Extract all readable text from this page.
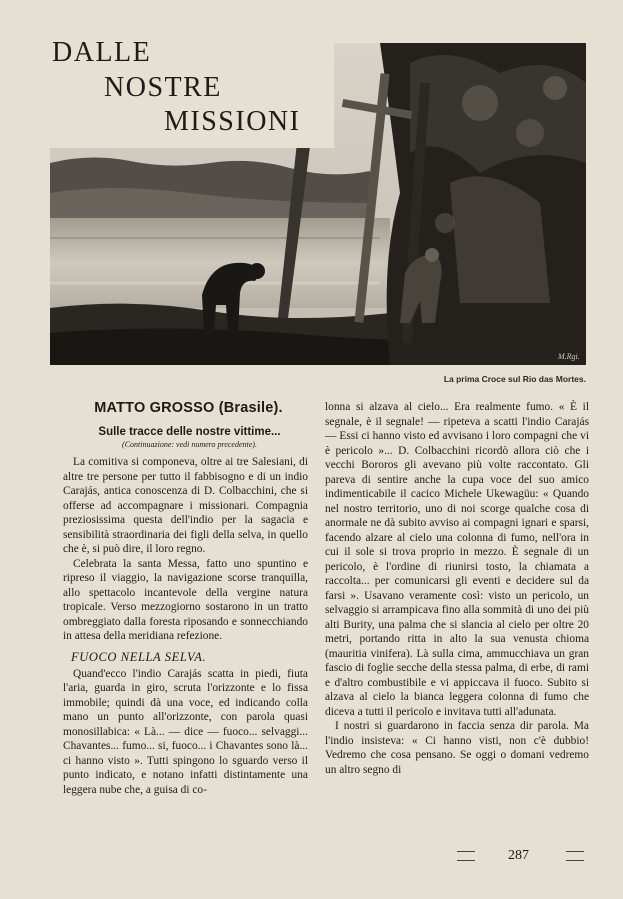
M.Rgi.
DALLE
NOSTRE
MISSIONI
La prima Croce sul Rio das Mortes.
MATTO GROSSO (Brasile).
Sulle tracce delle nostre vittime...
(Continuazione: vedi numero precedente).

La comitiva si componeva, oltre ai tre Salesiani, di altre tre persone per tutto il fabbisogno e di un indio Carajás, antica conoscenza di D. Colbacchini, che si offerse ad accompagnare i missionari. Compagnia preziosissima questa dell'indio per la sagacia e sensibilità straordinaria dei figli della selva, in quello che è, si può dire, il loro regno.

Celebrata la santa Messa, fatto uno spuntino e ripreso il viaggio, la navigazione scorse tranquilla, allo spettacolo incantevole della vergine natura tropicale. Verso mezzogiorno sostarono in un tratto ombreggiato dalla foresta riposando e sonnecchiando in attesa della meridiana refezione.

FUOCO NELLA SELVA.

Quand'ecco l'indio Carajás scatta in piedi, fiuta l'aria, guarda in giro, scruta l'orizzonte e lo fissa immobile; quindi dà una voce, ed indicando colla mano un punto all'orizzonte, con parola quasi monosillabica: « Là... — dice — fuoco... selvaggi... Chavantes... fumo... si, fuoco... i Chavantes sono là... ci hanno visto ». Tutti spingono lo sguardo verso il punto indicato, e notano infatti distintamente una leggera nube che, a guisa di co-

lonna si alzava al cielo... Era realmente fumo. « È il segnale, è il segnale! — ripeteva a scatti l'indio Carajás — Essi ci hanno visto ed avvisano i loro compagni che vi è pericolo »... D. Colbacchini ricordò allora ciò che i vecchi Bororos gli avevano più volte raccontato. Gli pareva di sentire anche la cupa voce del suo amico indimenticabile il cacico Michele Ukewagüu: « Quando nel nostro territorio, uno di noi scorge qualche cosa di anormale ne dà subito avviso ai compagni ignari e sparsi, facendo alzare al cielo una colonna di fumo, nell'ora in cui il sole si trova proprio in mezzo. È segnale di un pericolo, è l'ordine di riunirsi tosto, la chiamata a raccolta... per comunicarsi gli eventi e decidere sul da farsi ». Usavano veramente così: visto un pericolo, un selvaggio si arrampicava fino alla sommità di uno dei più alti Burity, una palma che si slancia al cielo per oltre 20 metri, portando ritta in alto la sua venusta chioma (mauritia vinifera). Là sulla cima, ammucchiava un gran fascio di foglie secche della stessa palma, di erbe, di rami e d'altro combustibile e vi appiccava il fuoco. Subito si alzava al cielo la bianca leggera colonna di fumo che diceva a tutti il pericolo e invitava tutti all'adunata.

I nostri si guardarono in faccia senza dir parola. Ma l'indio insisteva: « Ci hanno visti, non c'è dubbio! Vedremo che cosa pensano. Se oggi o domani vedremo un altro segno di

287
